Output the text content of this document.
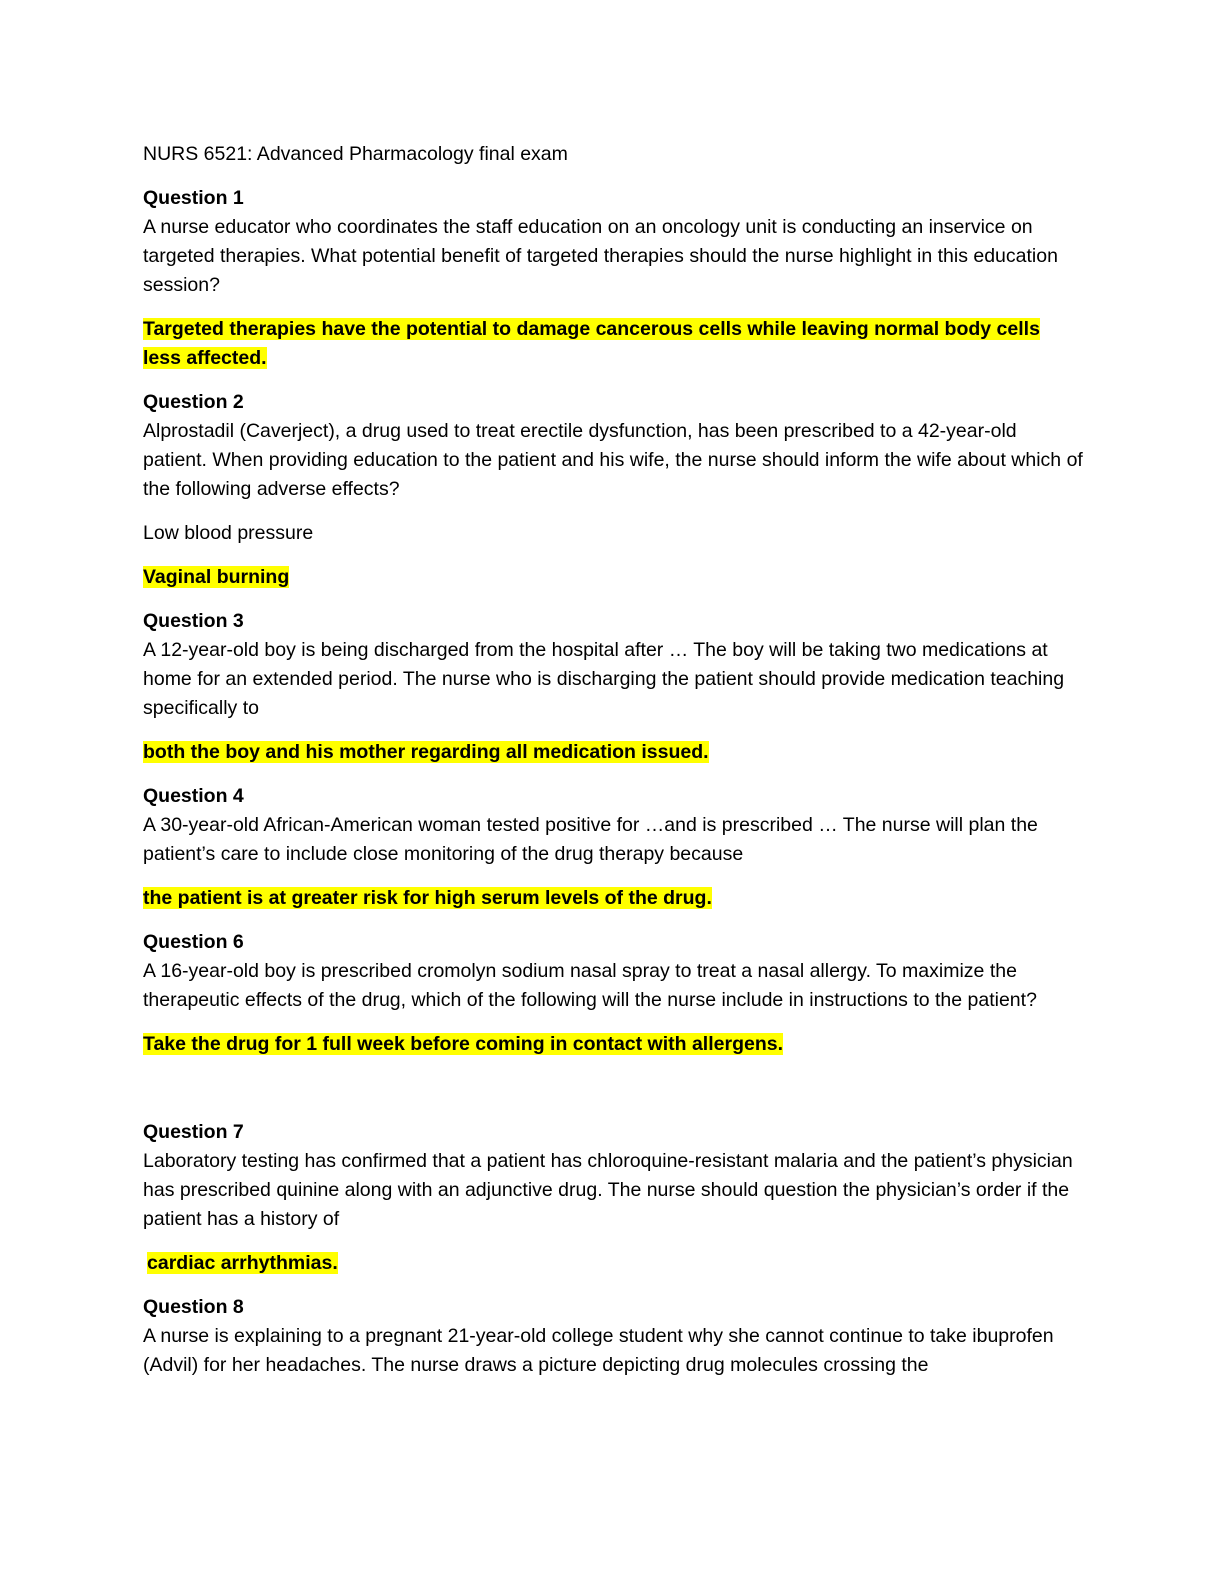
NURS 6521: Advanced Pharmacology final exam

Question 1

A nurse educator who coordinates the staff education on an oncology unit is conducting an inservice on targeted therapies. What potential benefit of targeted therapies should the nurse highlight in this education session?

Targeted therapies have the potential to damage cancerous cells while leaving normal body cells less affected.

Question 2

Alprostadil (Caverject), a drug used to treat erectile dysfunction, has been prescribed to a 42-year-old patient. When providing education to the patient and his wife, the nurse should inform the wife about which of the following adverse effects?

Low blood pressure

Vaginal burning

Question 3

A 12-year-old boy is being discharged from the hospital after … The boy will be taking two medications at home for an extended period. The nurse who is discharging the patient should provide medication teaching specifically to

both the boy and his mother regarding all medication issued.

Question 4

A 30-year-old African-American woman tested positive for …and is prescribed … The nurse will plan the patient’s care to include close monitoring of the drug therapy because

the patient is at greater risk for high serum levels of the drug.

Question 6

A 16-year-old boy is prescribed cromolyn sodium nasal spray to treat a nasal allergy. To maximize the therapeutic effects of the drug, which of the following will the nurse include in instructions to the patient?

Take the drug for 1 full week before coming in contact with allergens.

Question 7

Laboratory testing has confirmed that a patient has chloroquine-resistant malaria and the patient’s physician has prescribed quinine along with an adjunctive drug. The nurse should question the physician’s order if the patient has a history of

cardiac arrhythmias.

Question 8

A nurse is explaining to a pregnant 21-year-old college student why she cannot continue to take ibuprofen (Advil) for her headaches. The nurse draws a picture depicting drug molecules crossing the
